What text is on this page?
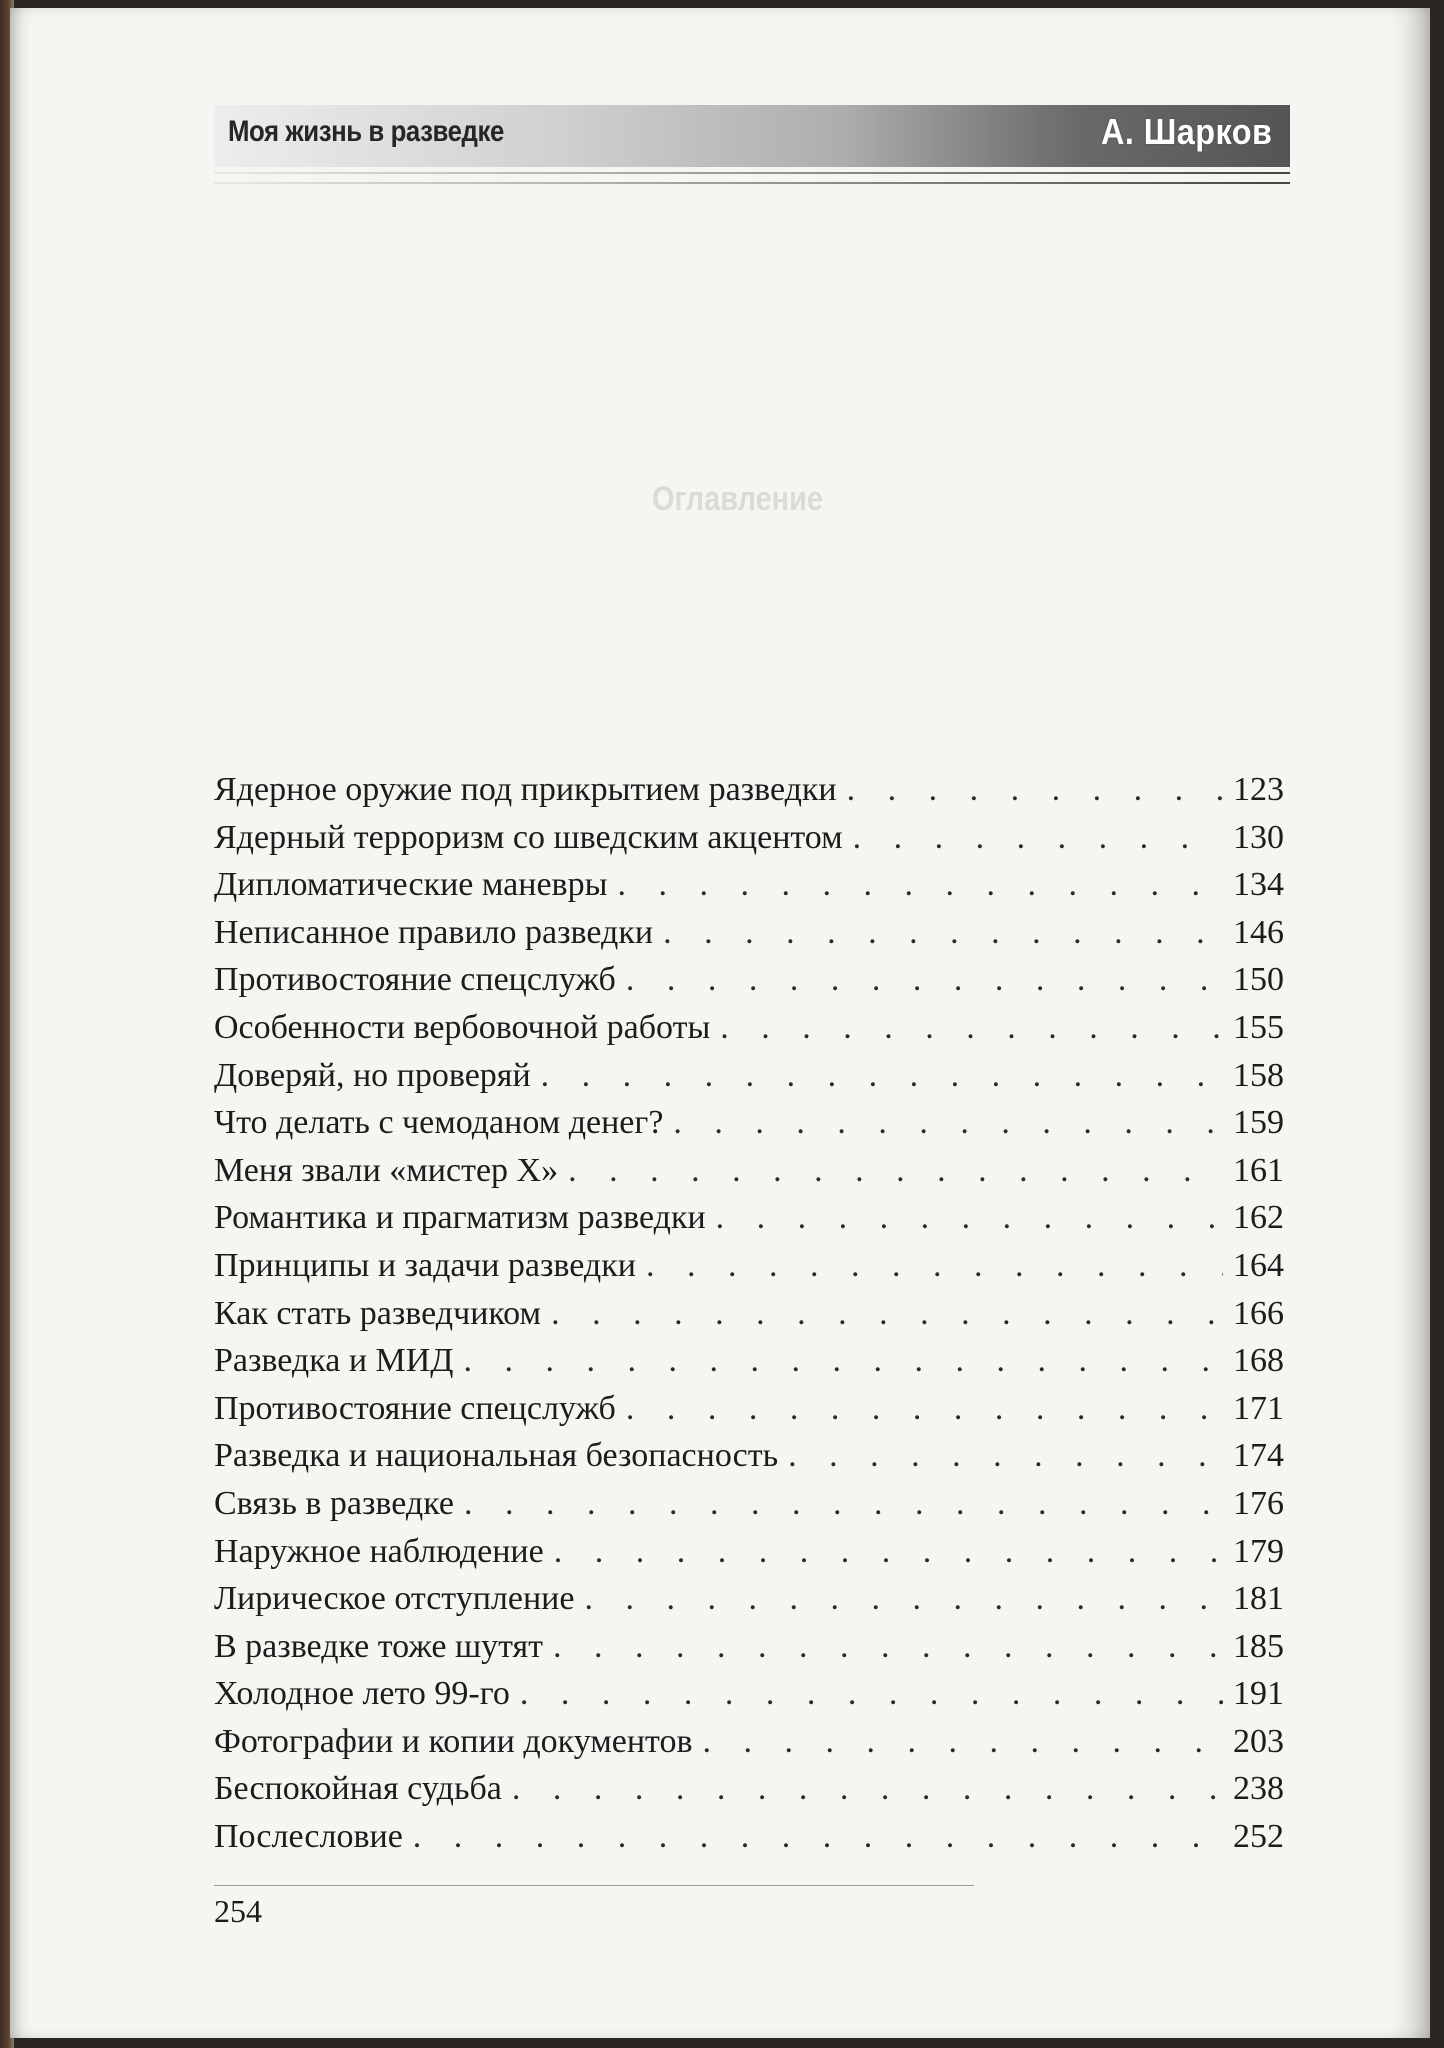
Моя жизнь в разведке	А. Шарков
Оглавление
Ядерное оружие под прикрытием разведки . . .	123
Ядерный терроризм со шведским акцентом . . .	130
Дипломатические маневры . . .	134
Неписанное правило разведки . . .	146
Противостояние спецслужб . . .	150
Особенности вербовочной работы . . .	155
Доверяй, но проверяй . . .	158
Что делать с чемоданом денег? . . .	159
Меня звали «мистер Х» . . .	161
Романтика и прагматизм разведки . . .	162
Принципы и задачи разведки . . .	164
Как стать разведчиком . . .	166
Разведка и МИД . . .	168
Противостояние спецслужб . . .	171
Разведка и национальная безопасность . . .	174
Связь в разведке . . .	176
Наружное наблюдение . . .	179
Лирическое отступление . . .	181
В разведке тоже шутят . . .	185
Холодное лето 99-го . . .	191
Фотографии и копии документов . . .	203
Беспокойная судьба . . .	238
Послесловие . . .	252
254
